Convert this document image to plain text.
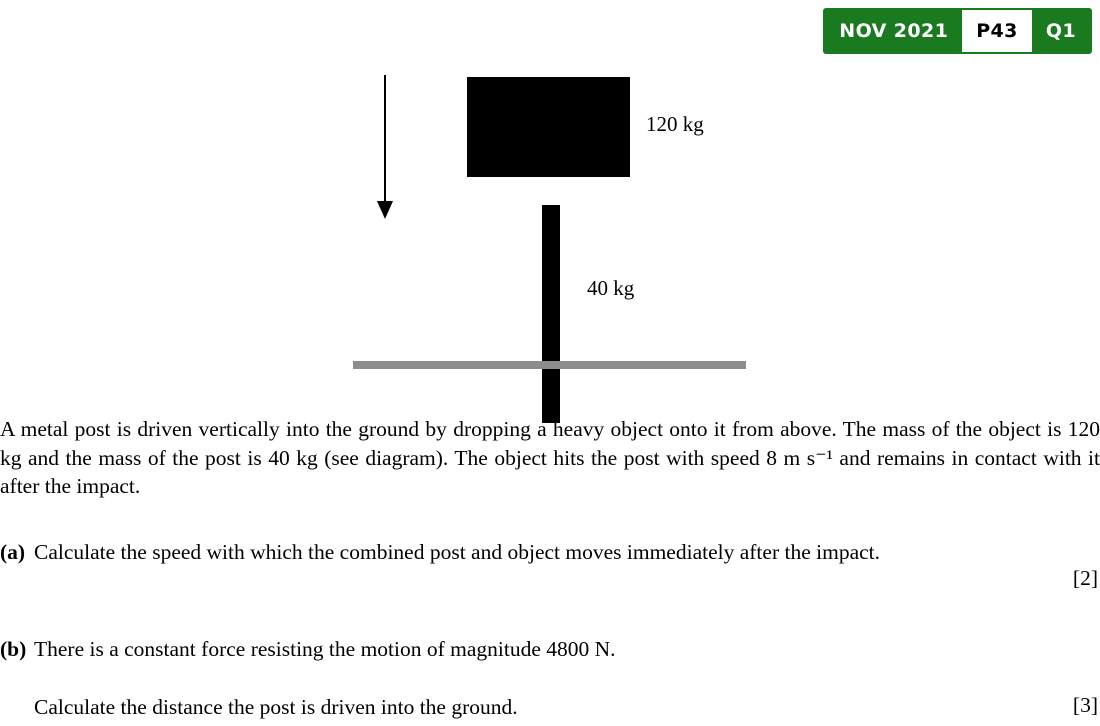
NOV 2021	P43	Q1
120 kg
40 kg
A metal post is driven vertically into the ground by dropping a heavy object onto it from above. The mass of the object is 120 kg and the mass of the post is 40 kg (see diagram). The object hits the post with speed 8 m s⁻¹ and remains in contact with it after the impact.
(a) Calculate the speed with which the combined post and object moves immediately after the impact.
[2]
(b) There is a constant force resisting the motion of magnitude 4800 N.
Calculate the distance the post is driven into the ground.	[3]
